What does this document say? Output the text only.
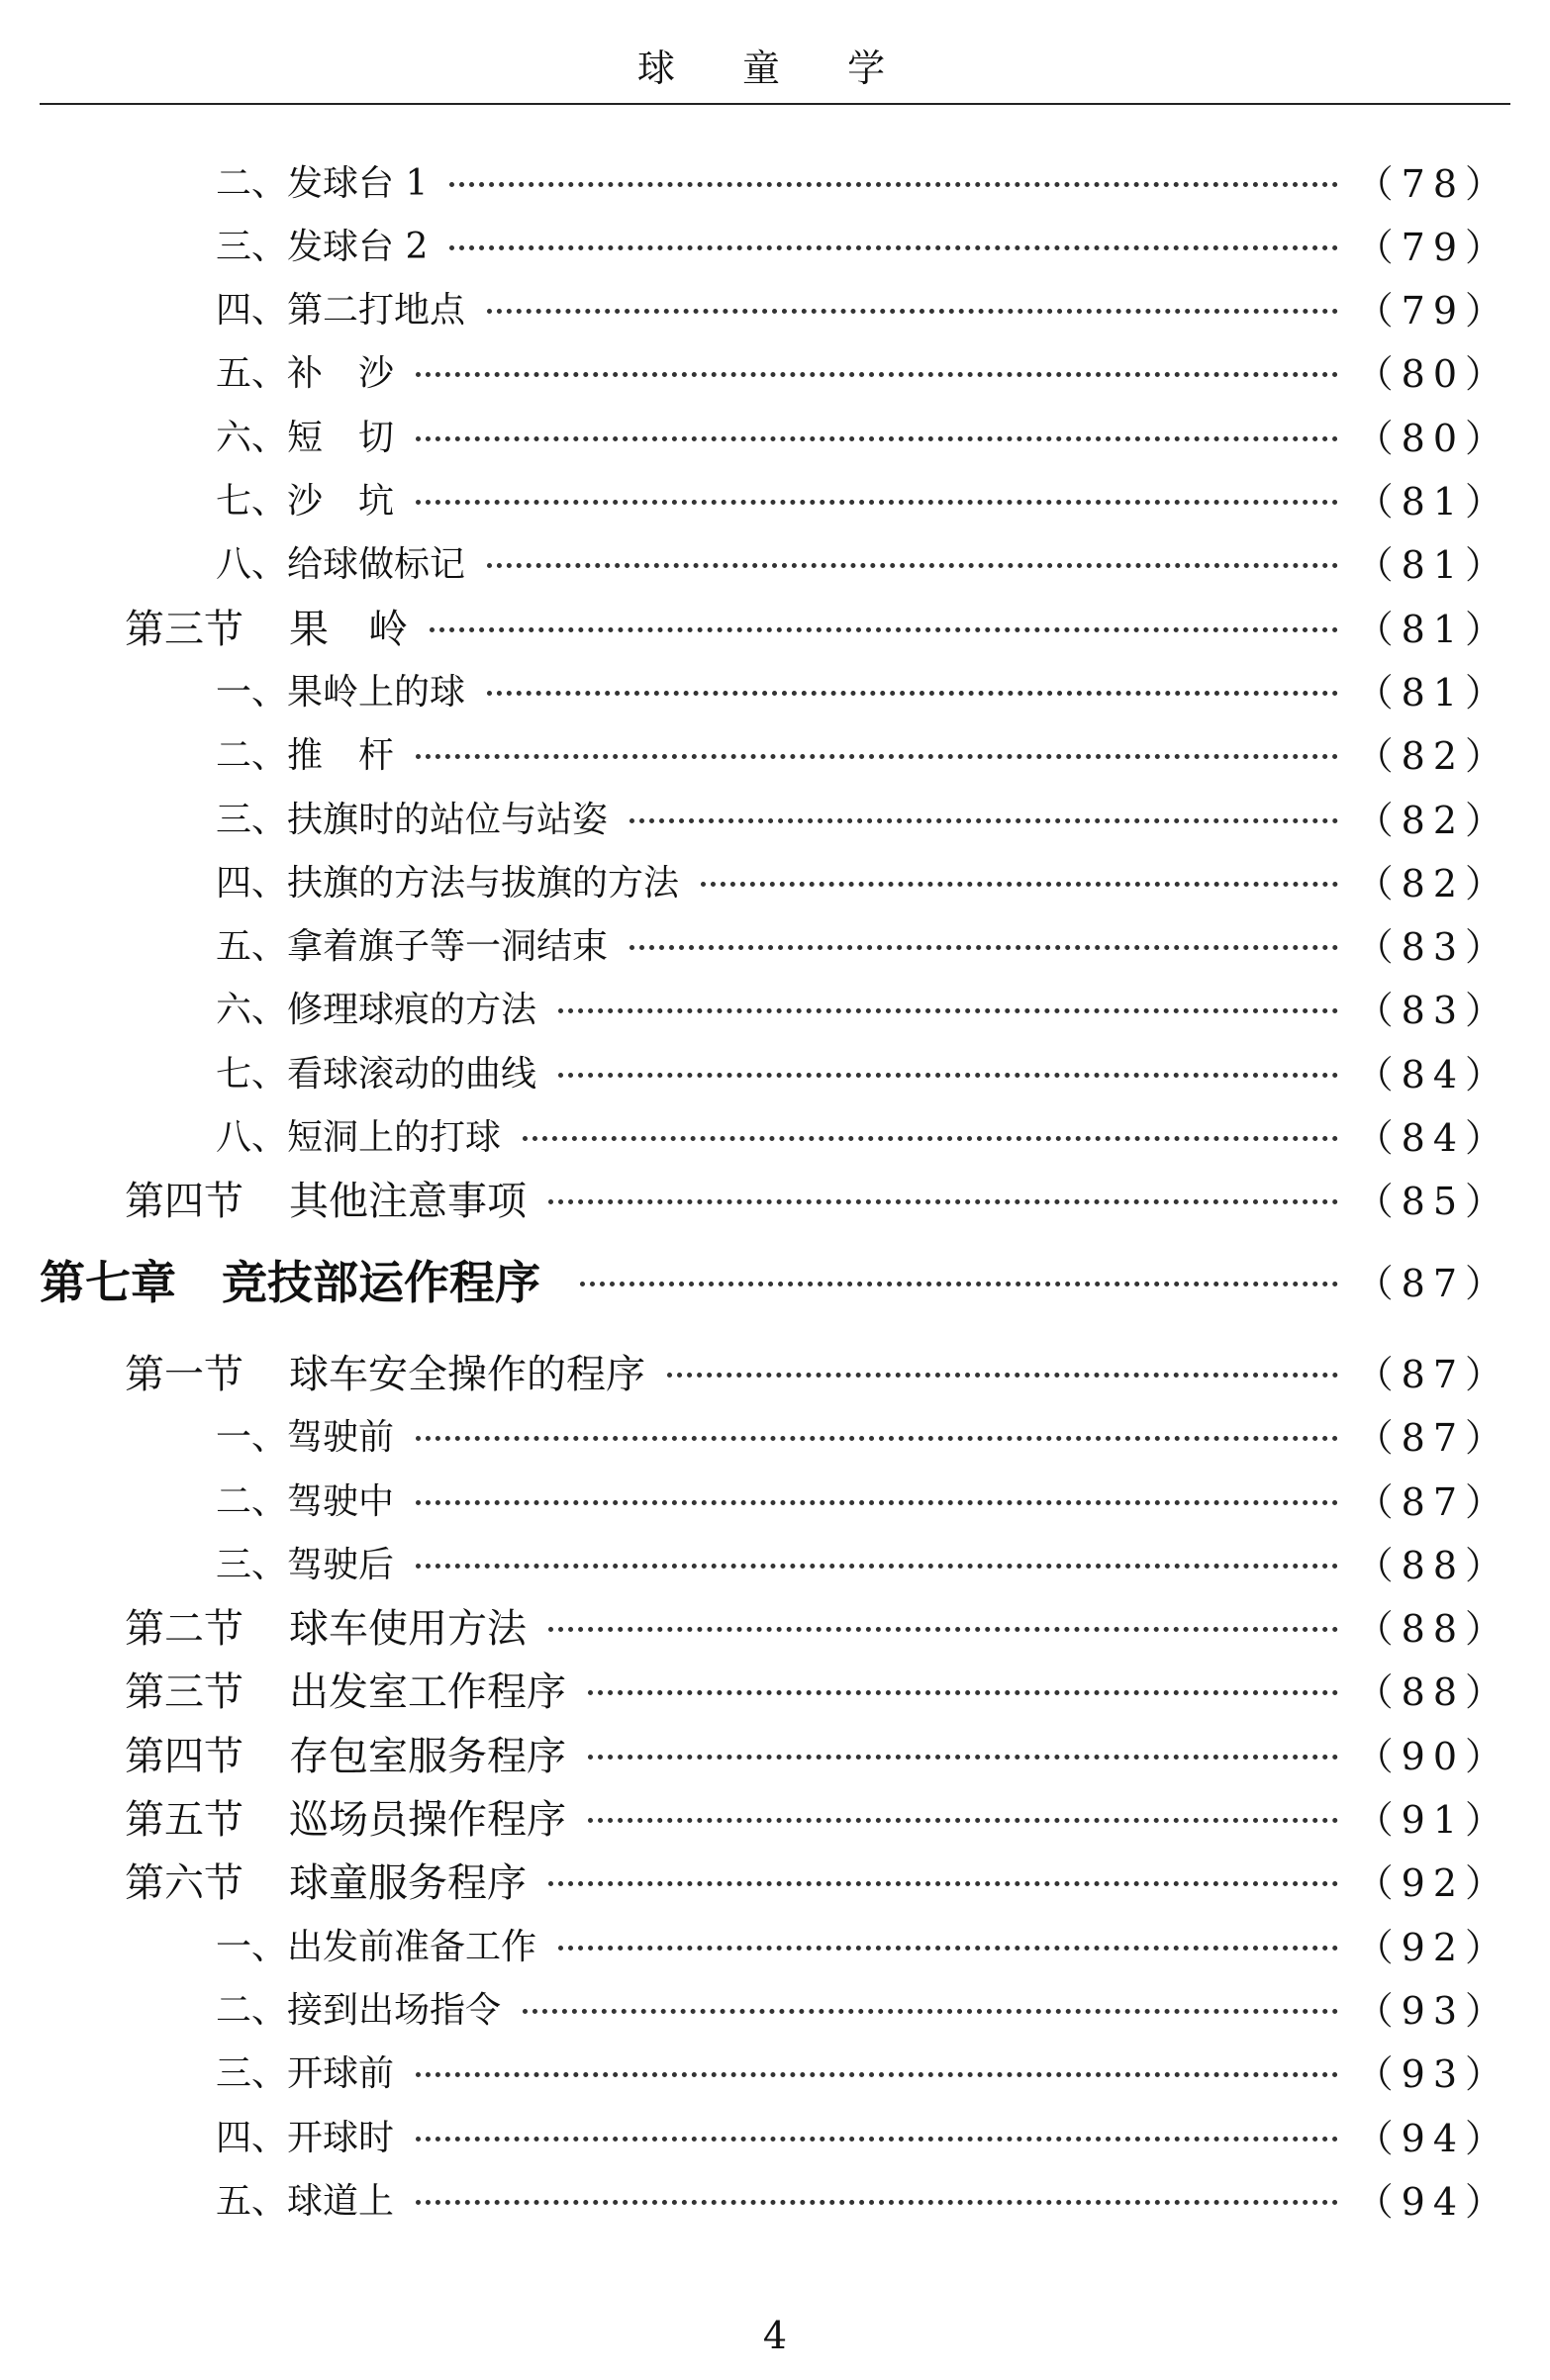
球 童 学
二、发球台 1	（78）
三、发球台 2	（79）
四、第二打地点	（79）
五、补　沙	（80）
六、短　切	（80）
七、沙　坑	（81）
八、给球做标记	（81）
第三节 果　岭	（81）
一、果岭上的球	（81）
二、推　杆	（82）
三、扶旗时的站位与站姿	（82）
四、扶旗的方法与拔旗的方法	（82）
五、拿着旗子等一洞结束	（83）
六、修理球痕的方法	（83）
七、看球滚动的曲线	（84）
八、短洞上的打球	（84）
第四节 其他注意事项	（85）
第七章 竞技部运作程序	（87）
第一节 球车安全操作的程序	（87）
一、驾驶前	（87）
二、驾驶中	（87）
三、驾驶后	（88）
第二节 球车使用方法	（88）
第三节 出发室工作程序	（88）
第四节 存包室服务程序	（90）
第五节 巡场员操作程序	（91）
第六节 球童服务程序	（92）
一、出发前准备工作	（92）
二、接到出场指令	（93）
三、开球前	（93）
四、开球时	（94）
五、球道上	（94）
4
